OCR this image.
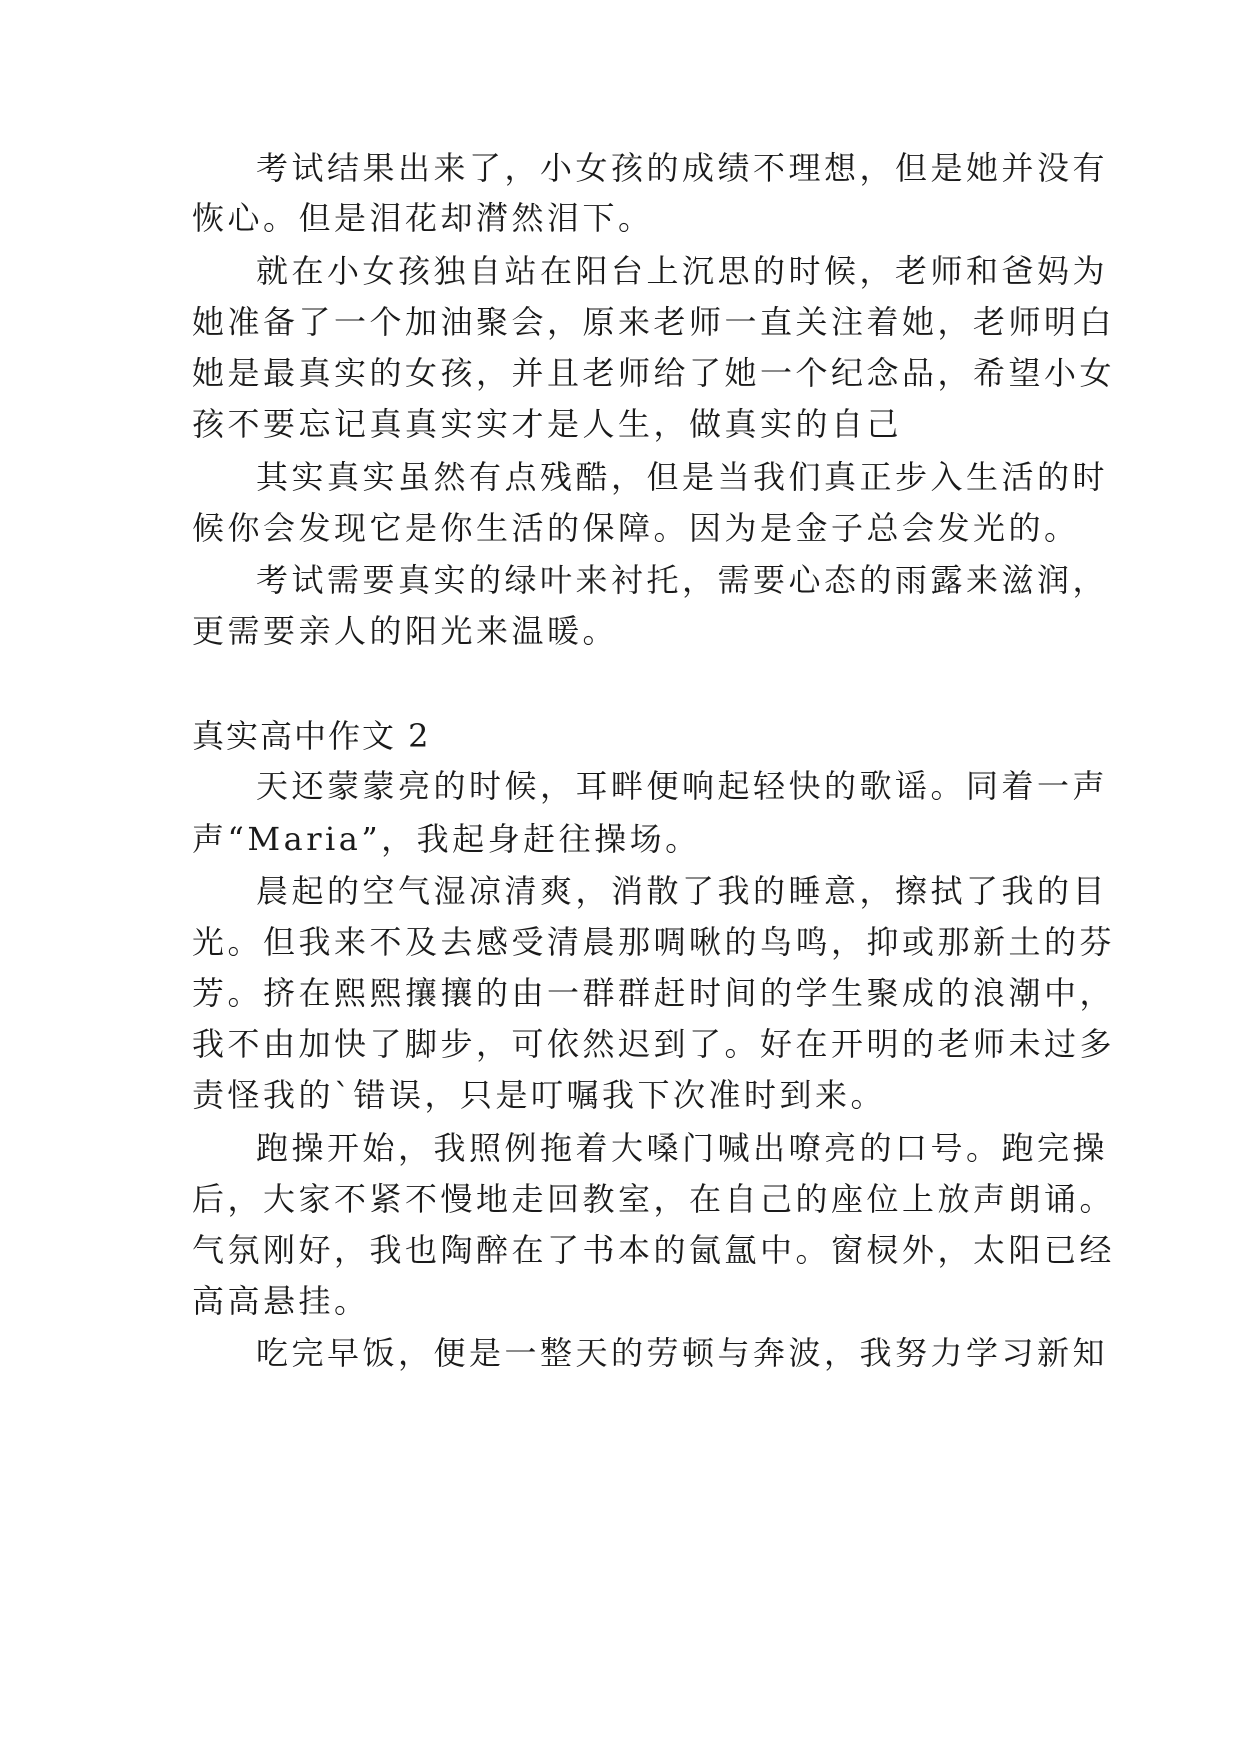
考试结果出来了，小女孩的成绩不理想，但是她并没有
恢心。但是泪花却潸然泪下。
就在小女孩独自站在阳台上沉思的时候，老师和爸妈为
她准备了一个加油聚会，原来老师一直关注着她，老师明白
她是最真实的女孩，并且老师给了她一个纪念品，希望小女
孩不要忘记真真实实才是人生，做真实的自己
其实真实虽然有点残酷，但是当我们真正步入生活的时
候你会发现它是你生活的保障。因为是金子总会发光的。
考试需要真实的绿叶来衬托，需要心态的雨露来滋润，
更需要亲人的阳光来温暖。
真实高中作文 2
天还蒙蒙亮的时候，耳畔便响起轻快的歌谣。同着一声
声“Maria”，我起身赶往操场。
晨起的空气湿凉清爽，消散了我的睡意，擦拭了我的目
光。但我来不及去感受清晨那啁啾的鸟鸣，抑或那新土的芬
芳。挤在熙熙攘攘的由一群群赶时间的学生聚成的浪潮中，
我不由加快了脚步，可依然迟到了。好在开明的老师未过多
责怪我的`错误，只是叮嘱我下次准时到来。
跑操开始，我照例拖着大嗓门喊出嘹亮的口号。跑完操
后，大家不紧不慢地走回教室，在自己的座位上放声朗诵。
气氛刚好，我也陶醉在了书本的氤氲中。窗棂外，太阳已经
高高悬挂。
吃完早饭，便是一整天的劳顿与奔波，我努力学习新知
